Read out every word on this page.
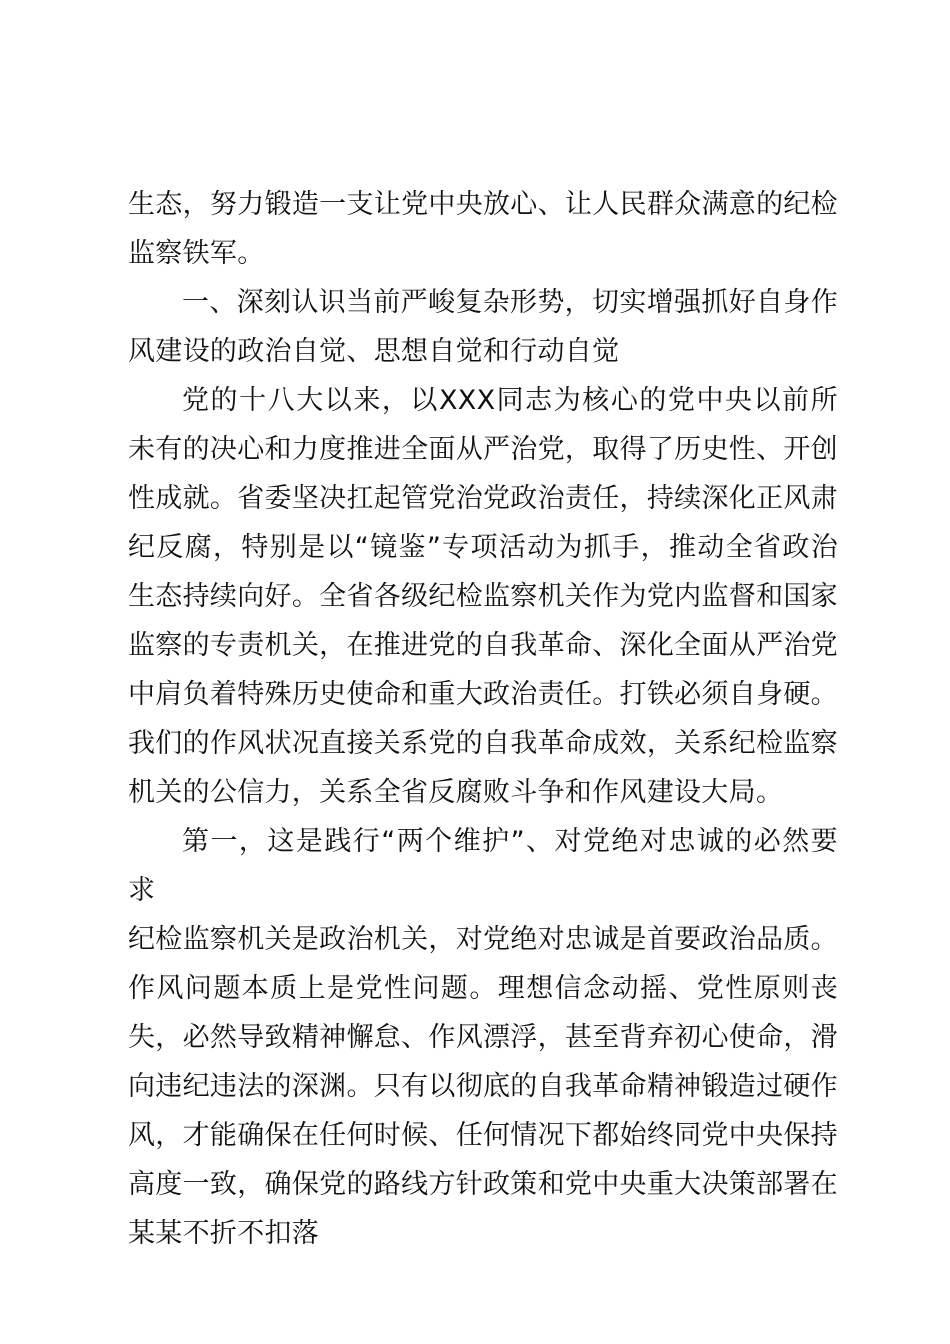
生态，努力锻造一支让党中央放心、让人民群众满意的纪检监察铁军。

一、深刻认识当前严峻复杂形势，切实增强抓好自身作风建设的政治自觉、思想自觉和行动自觉

党的十八大以来，以XXX同志为核心的党中央以前所未有的决心和力度推进全面从严治党，取得了历史性、开创性成就。省委坚决扛起管党治党政治责任，持续深化正风肃纪反腐，特别是以“镜鉴”专项活动为抓手，推动全省政治生态持续向好。全省各级纪检监察机关作为党内监督和国家监察的专责机关，在推进党的自我革命、深化全面从严治党中肩负着特殊历史使命和重大政治责任。打铁必须自身硬。我们的作风状况直接关系党的自我革命成效，关系纪检监察机关的公信力，关系全省反腐败斗争和作风建设大局。

第一，这是践行“两个维护”、对党绝对忠诚的必然要求

纪检监察机关是政治机关，对党绝对忠诚是首要政治品质。作风问题本质上是党性问题。理想信念动摇、党性原则丧失，必然导致精神懈怠、作风漂浮，甚至背弃初心使命，滑向违纪违法的深渊。只有以彻底的自我革命精神锻造过硬作风，才能确保在任何时候、任何情况下都始终同党中央保持高度一致，确保党的路线方针政策和党中央重大决策部署在某某不折不扣落
